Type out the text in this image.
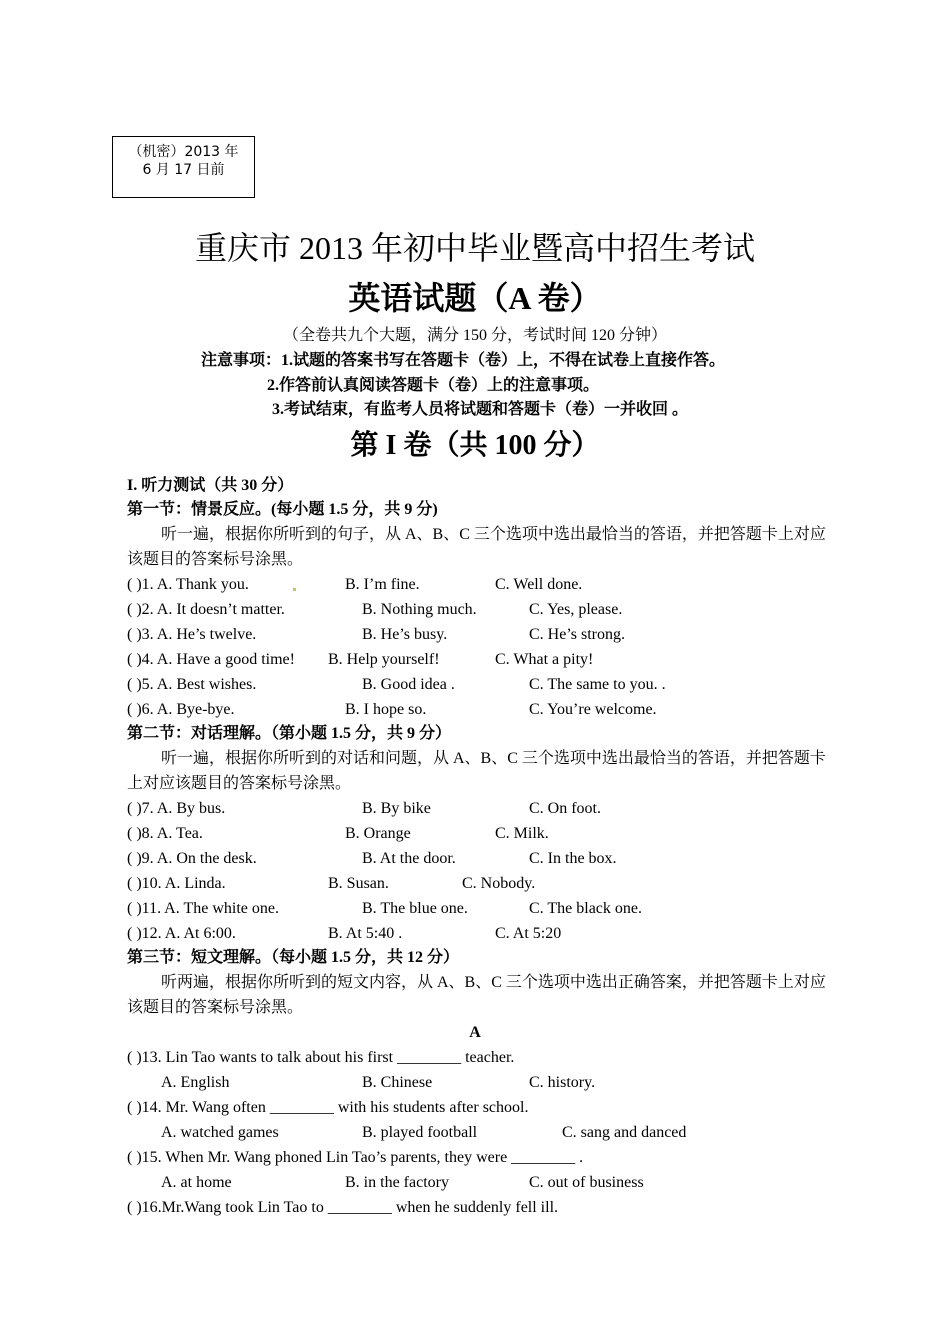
（机密）2013 年
6 月 17 日前
重庆市 2013 年初中毕业暨高中招生考试
英语试题（A 卷）
（全卷共九个大题，满分 150 分，考试时间 120 分钟）
注意事项：1.试题的答案书写在答题卡（卷）上，不得在试卷上直接作答。
2.作答前认真阅读答题卡（卷）上的注意事项。
3.考试结束，有监考人员将试题和答题卡（卷）一并收回 。
第 I 卷（共 100 分）
I. 听力测试（共 30 分）
第一节：情景反应。(每小题 1.5 分，共 9 分)
听一遍，根据你所听到的句子，从 A、B、C 三个选项中选出最恰当的答语，并把答题卡上对应该题目的答案标号涂黑。
( )1. A. Thank you.	B. I’m fine.	C. Well done.
( )2. A. It doesn’t matter.	B. Nothing much.	C. Yes, please.
( )3. A. He’s twelve.	B. He’s busy.	C. He’s strong.
( )4. A. Have a good time! B. Help yourself!	C. What a pity!
( )5. A. Best wishes.	B. Good idea .	C. The same to you. .
( )6. A. Bye-bye.	B. I hope so.	C. You’re welcome.
第二节：对话理解。（第小题 1.5 分，共 9 分）
听一遍，根据你所听到的对话和问题，从 A、B、C 三个选项中选出最恰当的答语，并把答题卡上对应该题目的答案标号涂黑。
( )7. A. By bus.	B. By bike	C. On foot.
( )8. A. Tea.	B. Orange	C. Milk.
( )9. A. On the desk.	B. At the door.	C. In the box.
( )10. A. Linda.	B. Susan.	C. Nobody.
( )11. A. The white one.	B. The blue one.	C. The black one.
( )12. A. At 6:00.	B. At 5:40 .	C. At 5:20
第三节：短文理解。（每小题 1.5 分，共 12 分）
听两遍，根据你所听到的短文内容，从 A、B、C 三个选项中选出正确答案，并把答题卡上对应该题目的答案标号涂黑。
A
( )13. Lin Tao wants to talk about his first ________ teacher.
A. English	B. Chinese	C. history.
( )14. Mr. Wang often ________ with his students after school.
A. watched games	B. played football	C. sang and danced
( )15. When Mr. Wang phoned Lin Tao’s parents, they were ________ .
A. at home	B. in the factory	C. out of business
( )16.Mr.Wang took Lin Tao to ________ when he suddenly fell ill.
